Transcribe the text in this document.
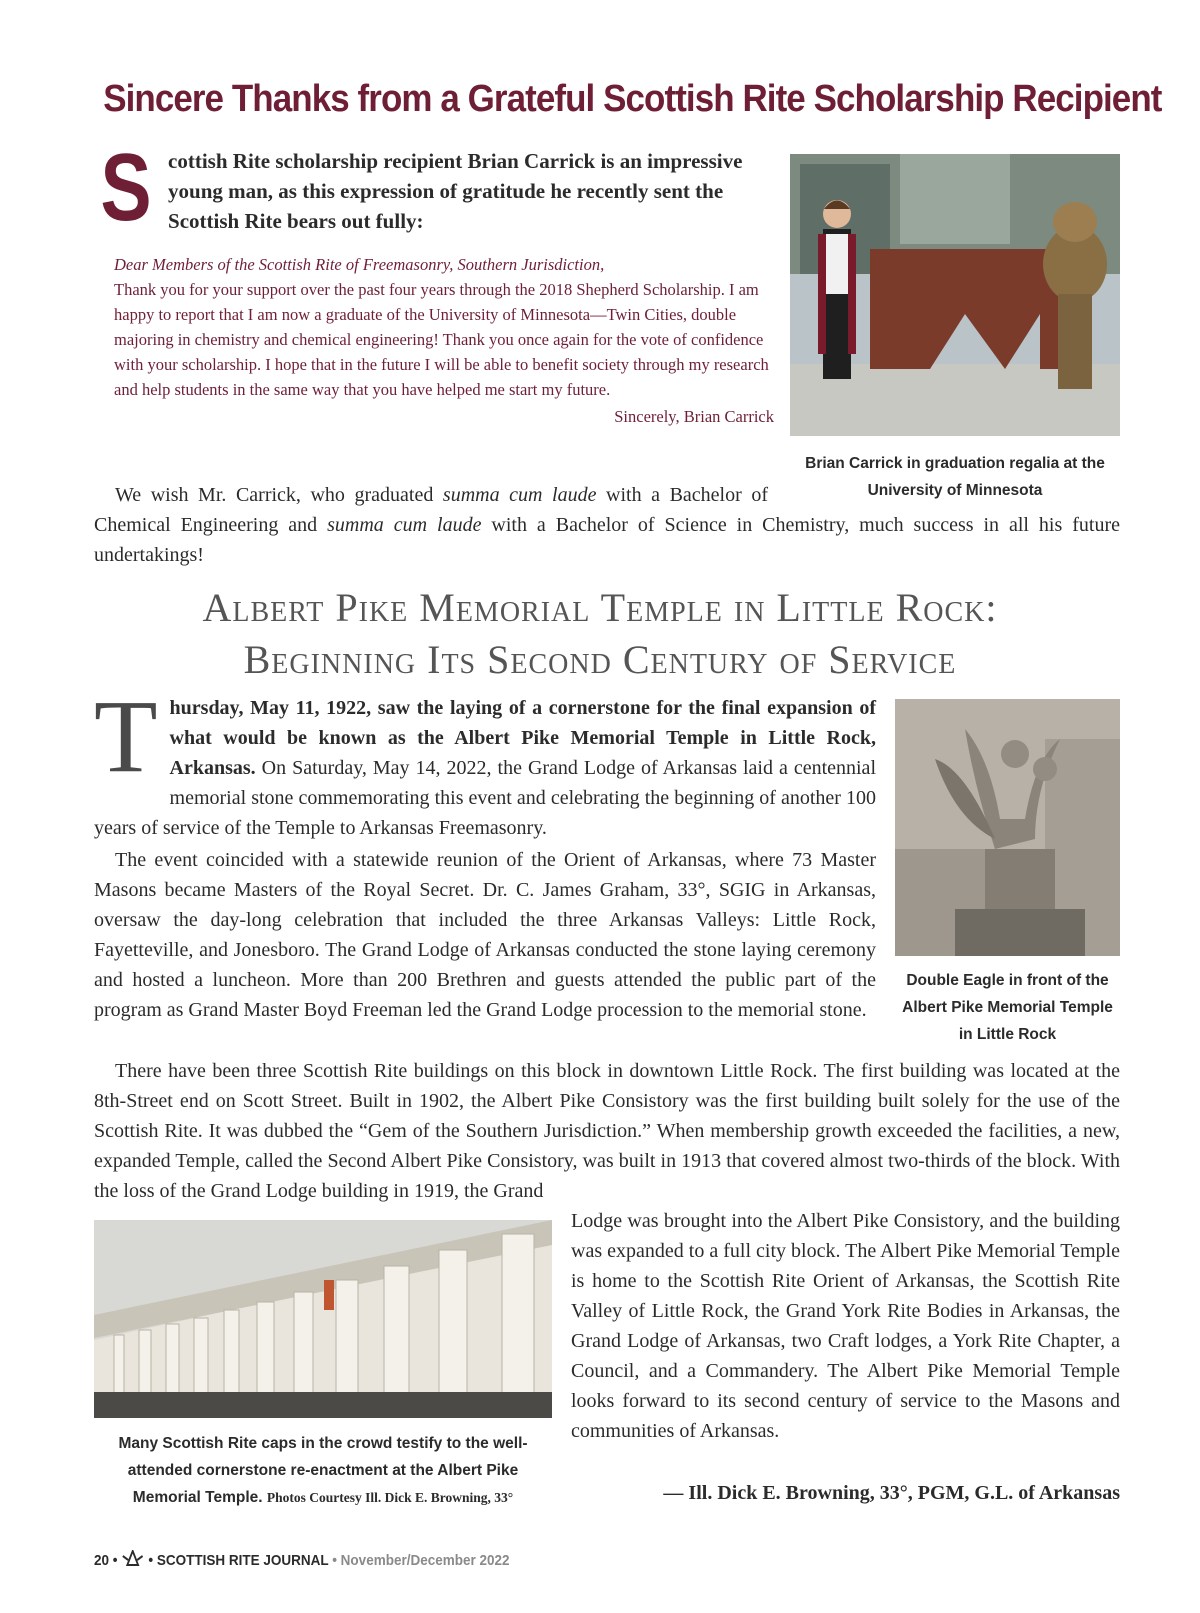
Sincere Thanks from a Grateful Scottish Rite Scholarship Recipient
S cottish Rite scholarship recipient Brian Carrick is an impressive young man, as this expression of gratitude he recently sent the Scottish Rite bears out fully:
Dear Members of the Scottish Rite of Freemasonry, Southern Jurisdiction,
Thank you for your support over the past four years through the 2018 Shepherd Scholarship. I am happy to report that I am now a graduate of the University of Minnesota—Twin Cities, double majoring in chemistry and chemical engineering! Thank you once again for the vote of confidence with your scholarship. I hope that in the future I will be able to benefit society through my research and help students in the same way that you have helped me start my future.
Sincerely, Brian Carrick
Brian Carrick in graduation regalia at the University of Minnesota
We wish Mr. Carrick, who graduated summa cum laude with a Bachelor of Chemical Engineering and summa cum laude with a Bachelor of Science in Chemistry, much success in all his future undertakings!
Albert Pike Memorial Temple in Little Rock:
Beginning Its Second Century of Service
Double Eagle in front of the Albert Pike Memorial Temple in Little Rock
T hursday, May 11, 1922, saw the laying of a cornerstone for the final expansion of what would be known as the Albert Pike Memorial Temple in Little Rock, Arkansas. On Saturday, May 14, 2022, the Grand Lodge of Arkansas laid a centennial memorial stone commemorating this event and celebrating the beginning of another 100 years of service of the Temple to Arkansas Freemasonry.
The event coincided with a statewide reunion of the Orient of Arkansas, where 73 Master Masons became Masters of the Royal Secret. Dr. C. James Graham, 33°, SGIG in Arkansas, oversaw the day-long celebration that included the three Arkansas Valleys: Little Rock, Fayetteville, and Jonesboro. The Grand Lodge of Arkansas conducted the stone laying ceremony and hosted a luncheon. More than 200 Brethren and guests attended the public part of the program as Grand Master Boyd Freeman led the Grand Lodge procession to the memorial stone.
There have been three Scottish Rite buildings on this block in downtown Little Rock. The first building was located at the 8th-Street end on Scott Street. Built in 1902, the Albert Pike Consistory was the first building built solely for the use of the Scottish Rite. It was dubbed the “Gem of the Southern Jurisdiction.” When membership growth exceeded the facilities, a new, expanded Temple, called the Second Albert Pike Consistory, was built in 1913 that covered almost two-thirds of the block. With the loss of the Grand Lodge building in 1919, the Grand
Many Scottish Rite caps in the crowd testify to the well-attended cornerstone re-enactment at the Albert Pike Memorial Temple. Photos Courtesy Ill. Dick E. Browning, 33°
Lodge was brought into the Albert Pike Consistory, and the building was expanded to a full city block. The Albert Pike Memorial Temple is home to the Scottish Rite Orient of Arkansas, the Scottish Rite Valley of Little Rock, the Grand York Rite Bodies in Arkansas, the Grand Lodge of Arkansas, two Craft lodges, a York Rite Chapter, a Council, and a Commandery. The Albert Pike Memorial Temple looks forward to its second century of service to the Masons and communities of Arkansas.
— Ill. Dick E. Browning, 33°, PGM, G.L. of Arkansas
20 • • SCOTTISH RITE JOURNAL • November/December 2022
